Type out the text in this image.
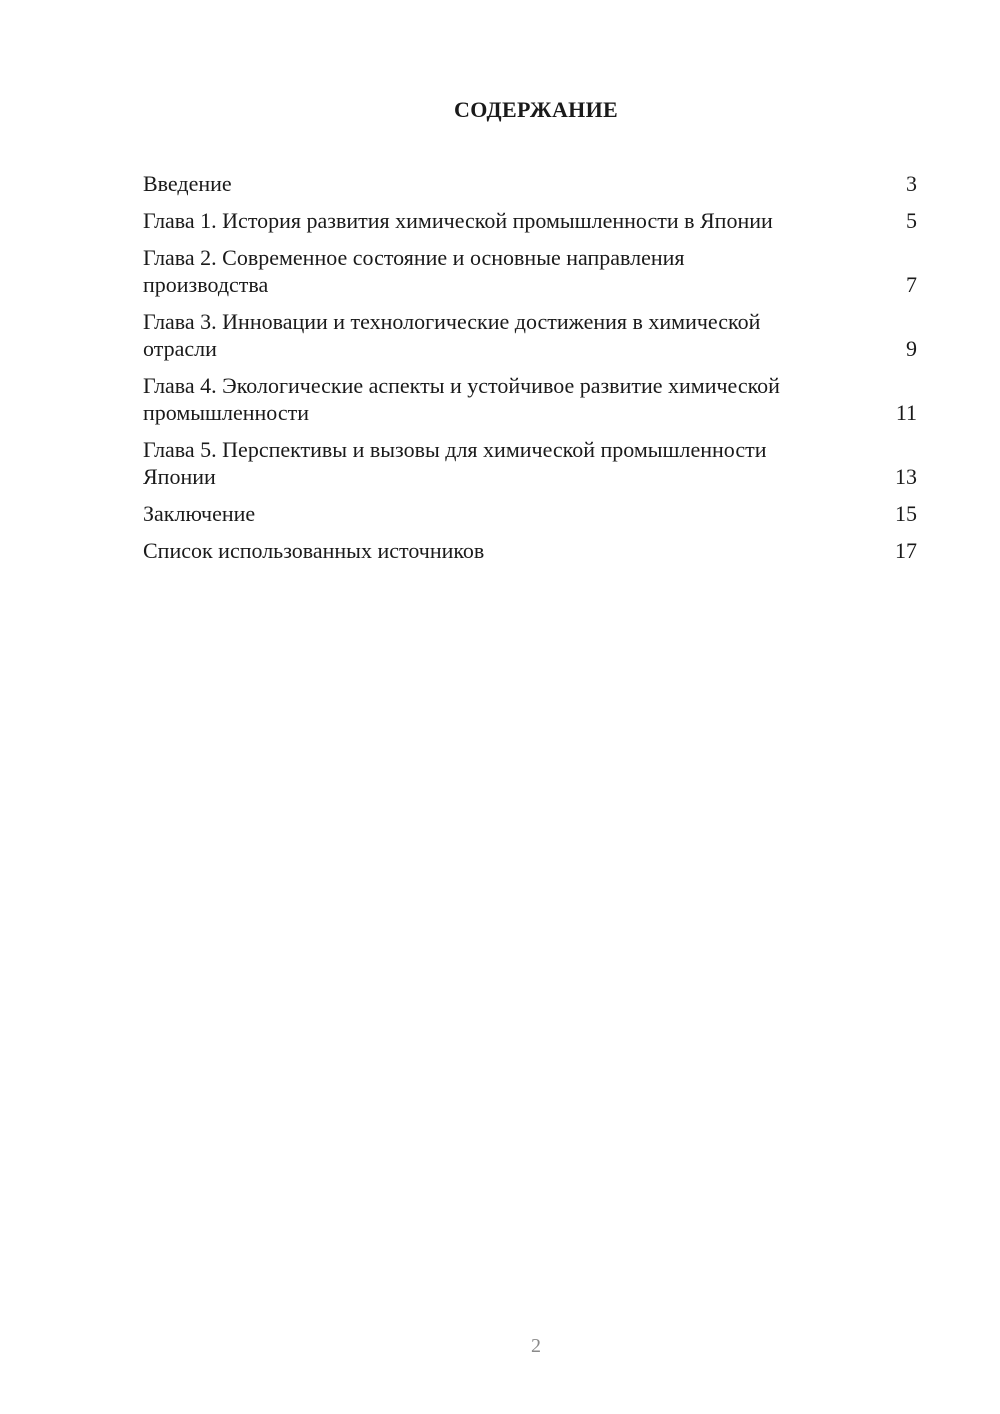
СОДЕРЖАНИЕ
Введение	3
Глава 1. История развития химической промышленности в Японии	5
Глава 2. Современное состояние и основные направления производства	7
Глава 3. Инновации и технологические достижения в химической отрасли	9
Глава 4. Экологические аспекты и устойчивое развитие химической промышленности	11
Глава 5. Перспективы и вызовы для химической промышленности Японии	13
Заключение	15
Список использованных источников	17
2
